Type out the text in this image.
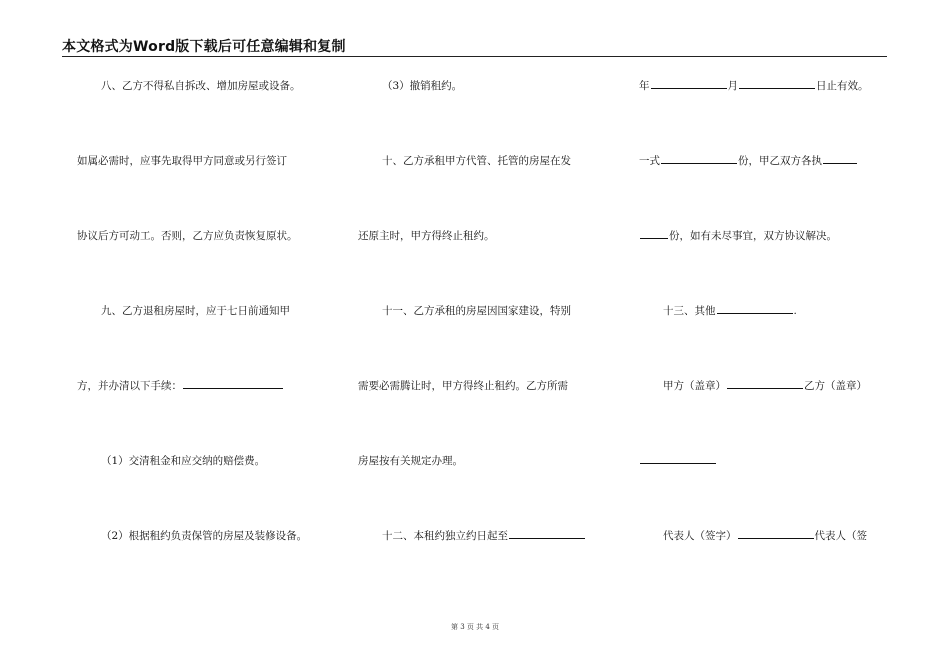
本文格式为Word版下载后可任意编辑和复制
八、乙方不得私自拆改、增加房屋或设备。
如属必需时，应事先取得甲方同意或另行签订
协议后方可动工。否则，乙方应负责恢复原状。
九、乙方退租房屋时，应于七日前通知甲
方，并办清以下手续：
（1）交清租金和应交纳的赔偿费。
（2）根据租约负责保管的房屋及装修设备。
（3）撤销租约。
十、乙方承租甲方代管、托管的房屋在发
还原主时，甲方得终止租约。
十一、乙方承租的房屋因国家建设，特别
需要必需腾让时，甲方得终止租约。乙方所需
房屋按有关规定办理。
十二、本租约独立约日起至
年	月	日止有效。
一式	份，甲乙双方各执
份，如有未尽事宜，双方协议解决。
十三、其他	.
甲方（盖章）	乙方（盖章）
代表人（签字）	代表人（签
第 3 页 共 4 页
